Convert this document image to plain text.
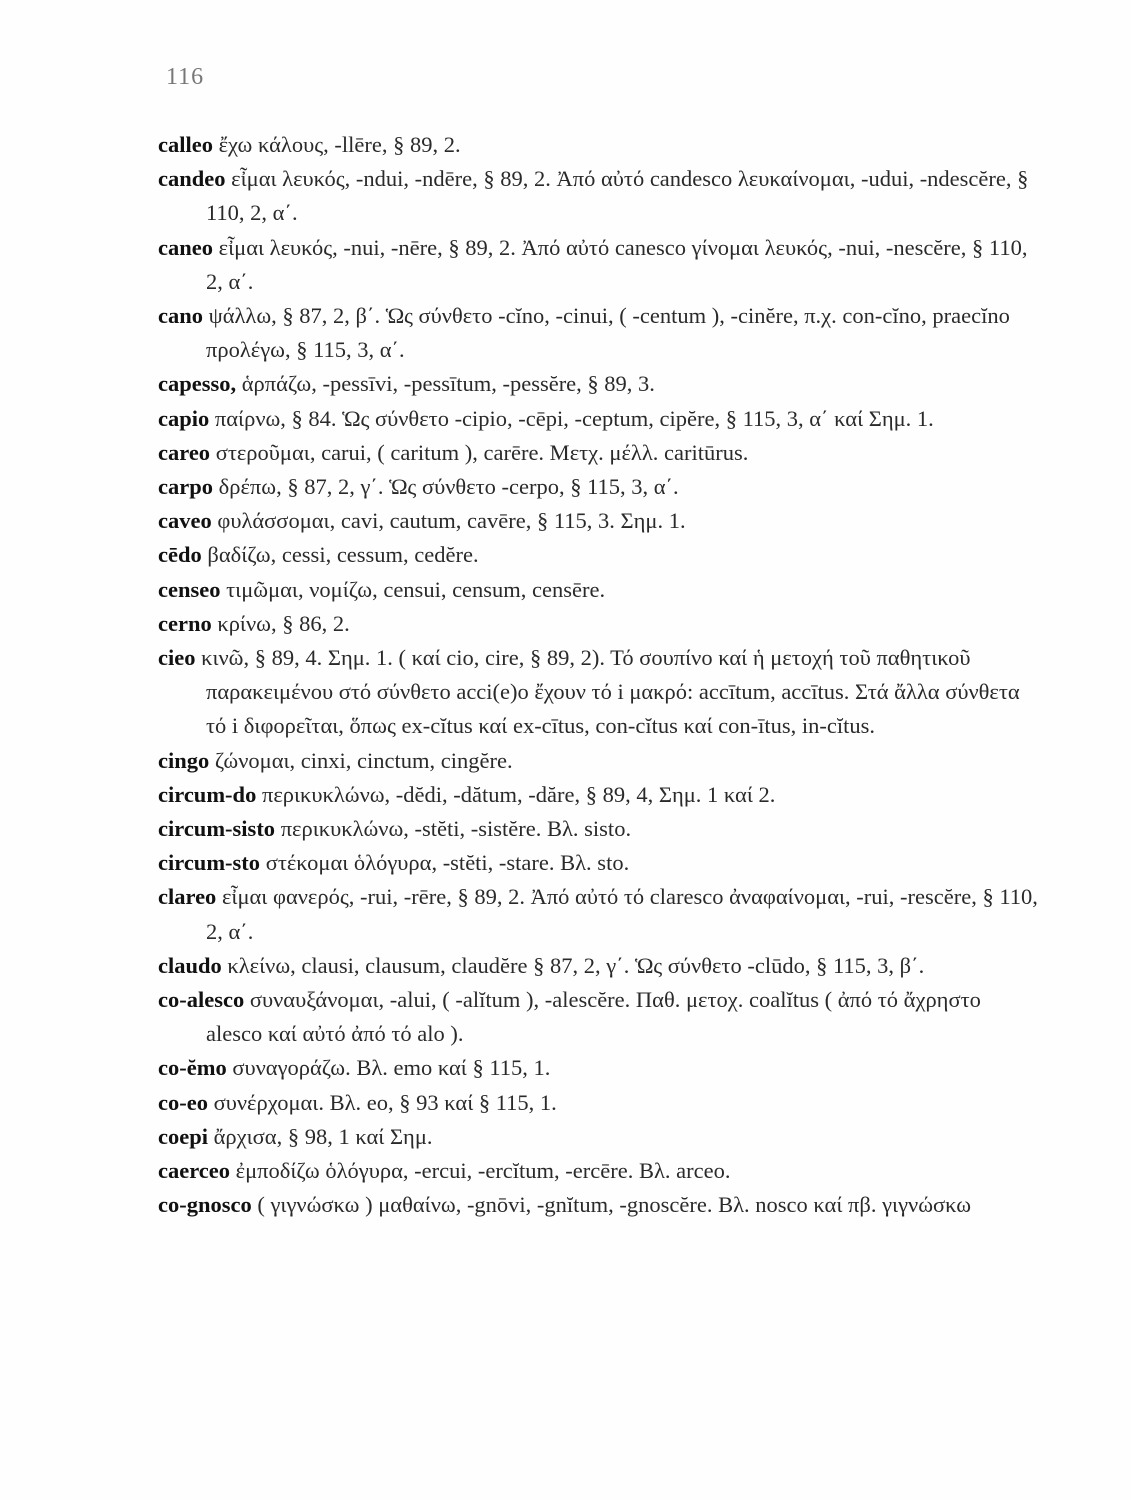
116

calleo ἔχω κάλους, -llēre, § 89, 2.

candeo εἶμαι λευκός, -ndui, -ndēre, § 89, 2. Ἀπό αὐτό candesco λευκαίνομαι, -udui, -ndescĕre, § 110, 2, α΄.

caneo εἶμαι λευκός, -nui, -nēre, § 89, 2. Ἀπό αὐτό canesco γίνομαι λευκός, -nui, -nescĕre, § 110, 2, α΄.

cano ψάλλω, § 87, 2, β΄. Ὡς σύνθετο -cĭno, -cinui, ( -centum ), -cinĕre, π.χ. con-cĭno, praecĭno προλέγω, § 115, 3, α΄.

capesso, ἁρπάζω, -pessīvi, -pessītum, -pessĕre, § 89, 3.

capio παίρνω, § 84. Ὡς σύνθετο -cipio, -cēpi, -ceptum, cipĕre, § 115, 3, α΄ καί Σημ. 1.

careo στεροῦμαι, carui, ( caritum ), carēre. Μετχ. μέλλ. caritūrus.

carpo δρέπω, § 87, 2, γ΄. Ὡς σύνθετο -cerpo, § 115, 3, α΄.

caveo φυλάσσομαι, cavi, cautum, cavēre, § 115, 3. Σημ. 1.

cēdo βαδίζω, cessi, cessum, cedĕre.

censeo τιμῶμαι, νομίζω, censui, censum, censēre.

cerno κρίνω, § 86, 2.

cieo κινῶ, § 89, 4. Σημ. 1. ( καί cio, cire, § 89, 2). Τό σουπίνο καί ἡ μετοχή τοῦ παθητικοῦ παρακειμένου στό σύνθετο acci(e)o ἔχουν τό i μακρό: accītum, accītus. Στά ἄλλα σύνθετα τό i διφορεῖται, ὅπως ex-cĭtus καί ex-cītus, con-cĭtus καί con-ītus, in-cĭtus.

cingo ζώνομαι, cinxi, cinctum, cingĕre.

circum-do περικυκλώνω, -dĕdi, -dătum, -dăre, § 89, 4, Σημ. 1 καί 2.

circum-sisto περικυκλώνω, -stĕti, -sistĕre. Βλ. sisto.

circum-sto στέκομαι ὁλόγυρα, -stĕti, -stare. Βλ. sto.

clareo εἶμαι φανερός, -rui, -rēre, § 89, 2. Ἀπό αὐτό τό claresco ἀναφαίνομαι, -rui, -rescĕre, § 110, 2, α΄.

claudo κλείνω, clausi, clausum, claudĕre § 87, 2, γ΄. Ὡς σύνθετο -clūdo, § 115, 3, β΄.

co-alesco συναυξάνομαι, -alui, ( -alĭtum ), -alescĕre. Παθ. μετοχ. coalĭtus ( ἀπό τό ἄχρηστο alesco καί αὐτό ἀπό τό alo ).

co-ĕmo συναγοράζω. Βλ. emo καί § 115, 1.

co-eo συνέρχομαι. Βλ. eo, § 93 καί § 115, 1.

coepi ἄρχισα, § 98, 1 καί Σημ.

caerceo ἐμποδίζω ὁλόγυρα, -ercui, -ercĭtum, -ercēre. Βλ. arceo.

co-gnosco ( γιγνώσκω ) μαθαίνω, -gnōvi, -gnĭtum, -gnoscĕre. Βλ. nosco καί πβ. γιγνώσκω
